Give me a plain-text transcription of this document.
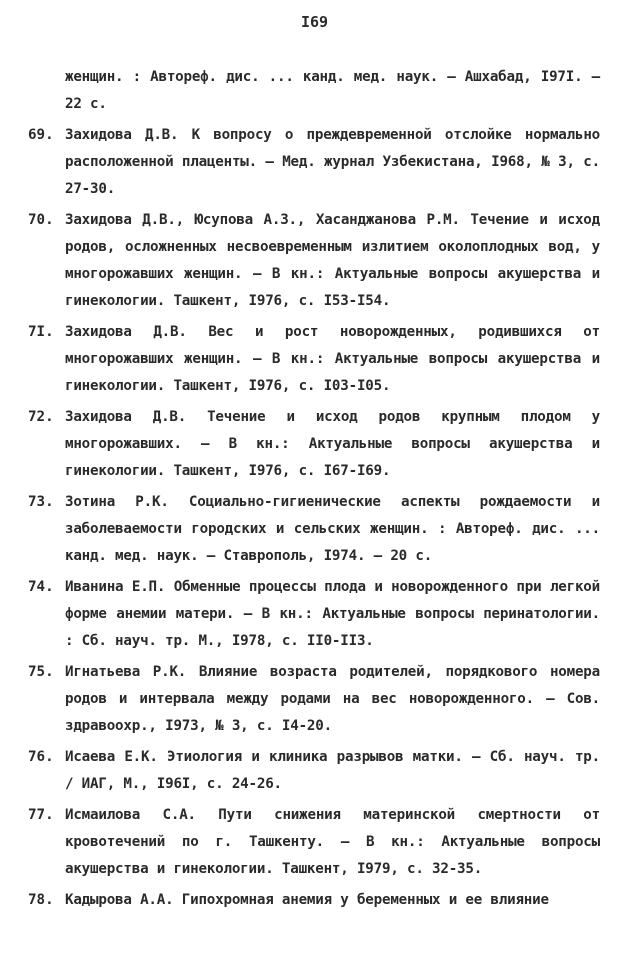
I69
женщин. : Автореф. дис. ... канд. мед. наук. – Ашхабад, I97I. – 22 с.
69. Захидова Д.В. К вопросу о преждевременной отслойке нормально расположенной плаценты. – Мед. журнал Узбекистана, I968, № 3, с. 27-30.
70. Захидова Д.В., Юсупова А.З., Хасанджанова Р.М. Течение и исход родов, осложненных несвоевременным излитием околоплодных вод, у многорожавших женщин. – В кн.: Актуальные вопросы акушерства и гинекологии. Ташкент, I976, с. I53-I54.
7I. Захидова Д.В. Вес и рост новорожденных, родившихся от многорожавших женщин. – В кн.: Актуальные вопросы акушерства и гинекологии. Ташкент, I976, с. I03-I05.
72. Захидова Д.В. Течение и исход родов крупным плодом у многорожавших. – В кн.: Актуальные вопросы акушерства и гинекологии. Ташкент, I976, с. I67-I69.
73. Зотина Р.К. Социально-гигиенические аспекты рождаемости и заболеваемости городских и сельских женщин. : Автореф. дис. ... канд. мед. наук. – Ставрополь, I974. – 20 с.
74. Иванина Е.П. Обменные процессы плода и новорожденного при легкой форме анемии матери. – В кн.: Актуальные вопросы перинатологии. : Сб. науч. тр. М., I978, с. II0-II3.
75. Игнатьева Р.К. Влияние возраста родителей, порядкового номера родов и интервала между родами на вес новорожденного. – Сов. здравоохр., I973, № 3, с. I4-20.
76. Исаева Е.К. Этиология и клиника разрывов матки. – Сб. науч. тр. / ИАГ, М., I96I, с. 24-26.
77. Исмаилова С.А. Пути снижения материнской смертности от кровотечений по г. Ташкенту. – В кн.: Актуальные вопросы акушерства и гинекологии. Ташкент, I979, с. 32-35.
78. Кадырова А.А. Гипохромная анемия у беременных и ее влияние
